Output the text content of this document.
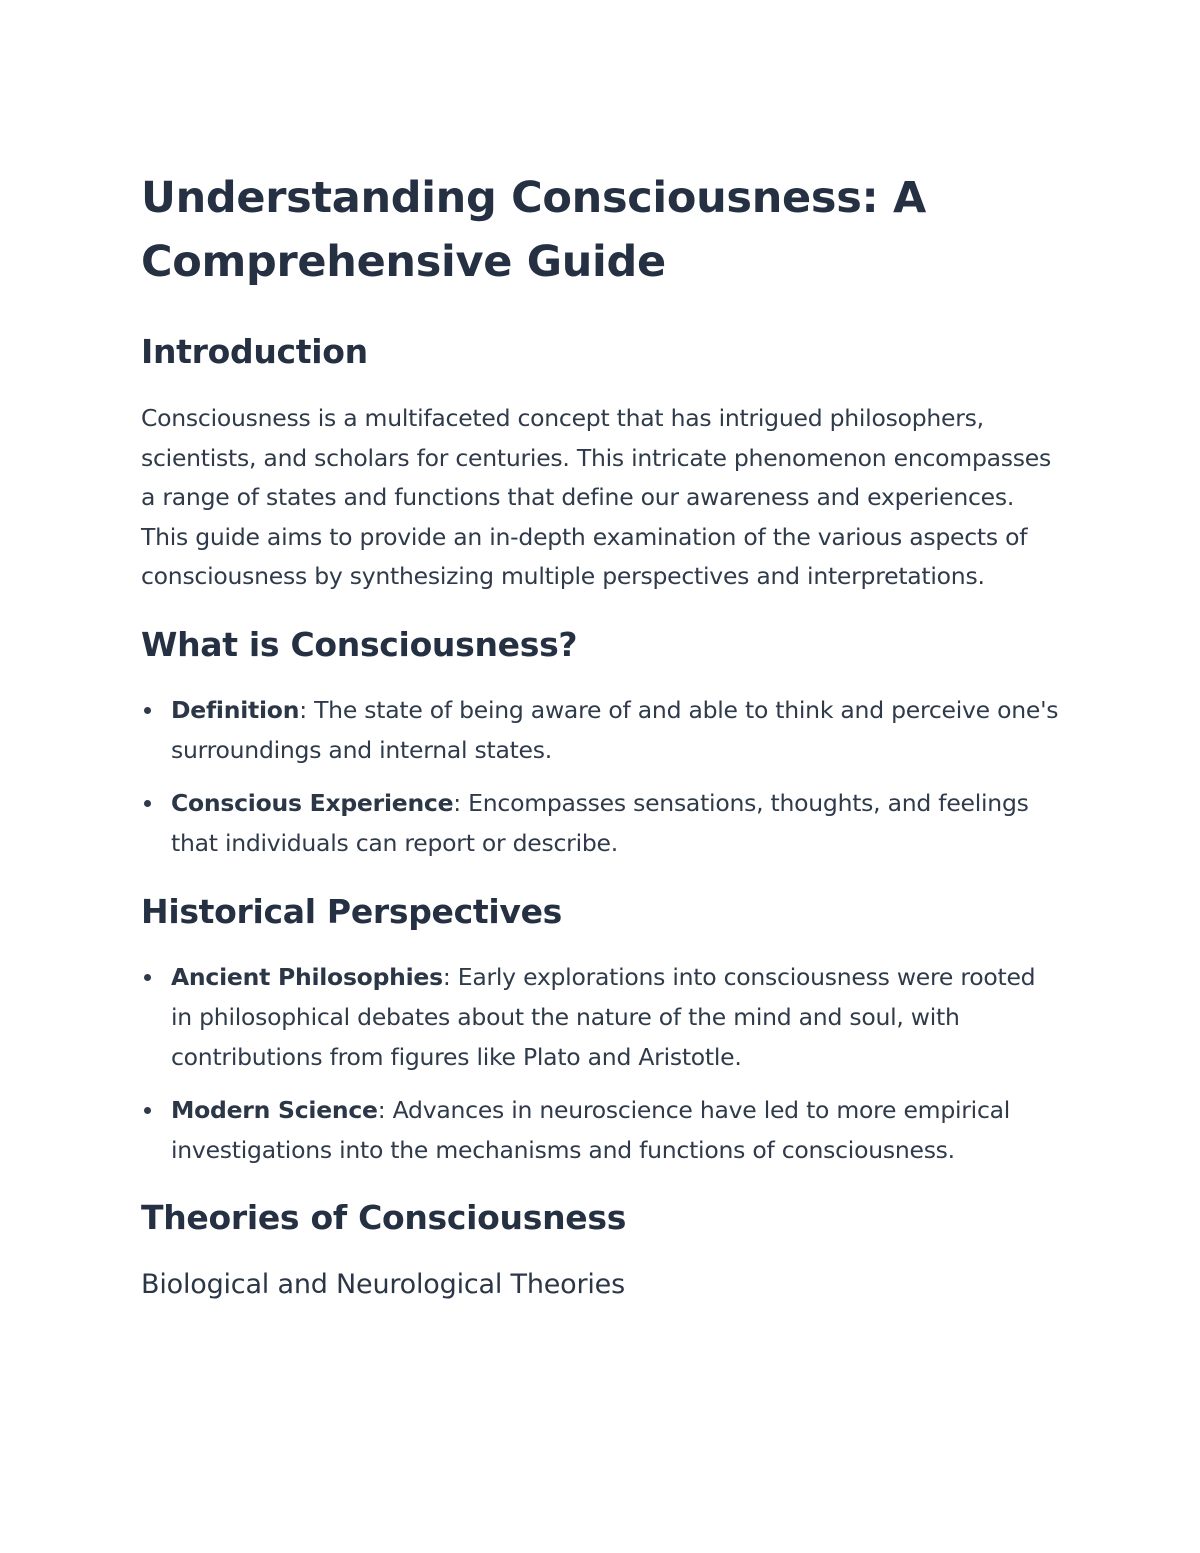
Understanding Consciousness: A Comprehensive Guide
Introduction

Consciousness is a multifaceted concept that has intrigued philosophers, scientists, and scholars for centuries. This intricate phenomenon encompasses a range of states and functions that define our awareness and experiences. This guide aims to provide an in-depth examination of the various aspects of consciousness by synthesizing multiple perspectives and interpretations.

What is Consciousness?
Definition: The state of being aware of and able to think and perceive one's surroundings and internal states.
Conscious Experience: Encompasses sensations, thoughts, and feelings that individuals can report or describe.
Historical Perspectives
Ancient Philosophies: Early explorations into consciousness were rooted in philosophical debates about the nature of the mind and soul, with contributions from figures like Plato and Aristotle.
Modern Science: Advances in neuroscience have led to more empirical investigations into the mechanisms and functions of consciousness.
Theories of Consciousness
Biological and Neurological Theories
